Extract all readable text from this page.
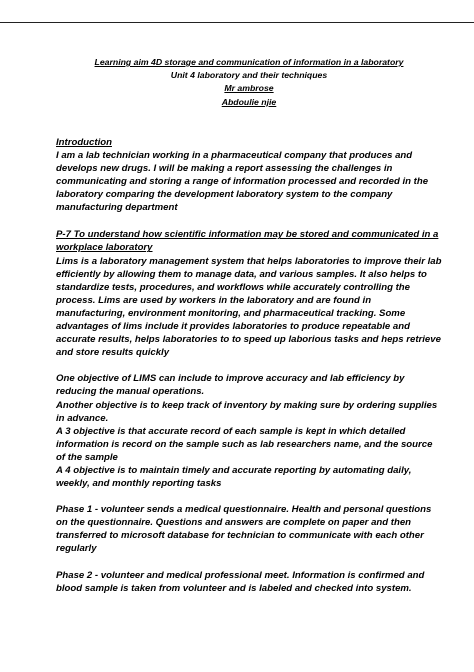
Learning aim 4D storage and communication of information in a laboratory
Unit 4 laboratory and their techniques
Mr ambrose
Abdoulie njie

Introduction

I am a lab technician working in a pharmaceutical company that produces and develops new drugs. I will be making a report assessing the challenges in communicating and storing a range of information processed and recorded in the laboratory comparing the development laboratory system to the company manufacturing department

P-7 To understand how scientific information may be stored and communicated in a workplace laboratory

Lims is a laboratory management system that helps laboratories to improve their lab efficiently by allowing them to manage data, and various samples. It also helps to standardize tests, procedures, and workflows while accurately controlling the process. Lims are used by workers in the laboratory and are found in manufacturing, environment monitoring, and pharmaceutical tracking. Some advantages of lims include it provides laboratories to produce repeatable and accurate results, helps laboratories to to speed up laborious tasks and heps retrieve and store results quickly

One objective of LIMS can include to improve accuracy and lab efficiency by reducing the manual operations.

Another objective is to keep track of inventory by making sure by ordering supplies in advance.

A 3 objective is that accurate record of each sample is kept in which detailed information is record on the sample such as lab researchers name, and the source of the sample

A 4 objective is to maintain timely and accurate reporting by automating daily, weekly, and monthly reporting tasks

Phase 1 - volunteer sends a medical questionnaire. Health and personal questions on the questionnaire. Questions and answers are complete on paper and then transferred to microsoft database for technician to communicate with each other regularly

Phase 2 - volunteer and medical professional meet. Information is confirmed and blood sample is taken from volunteer and is labeled and checked into system.
